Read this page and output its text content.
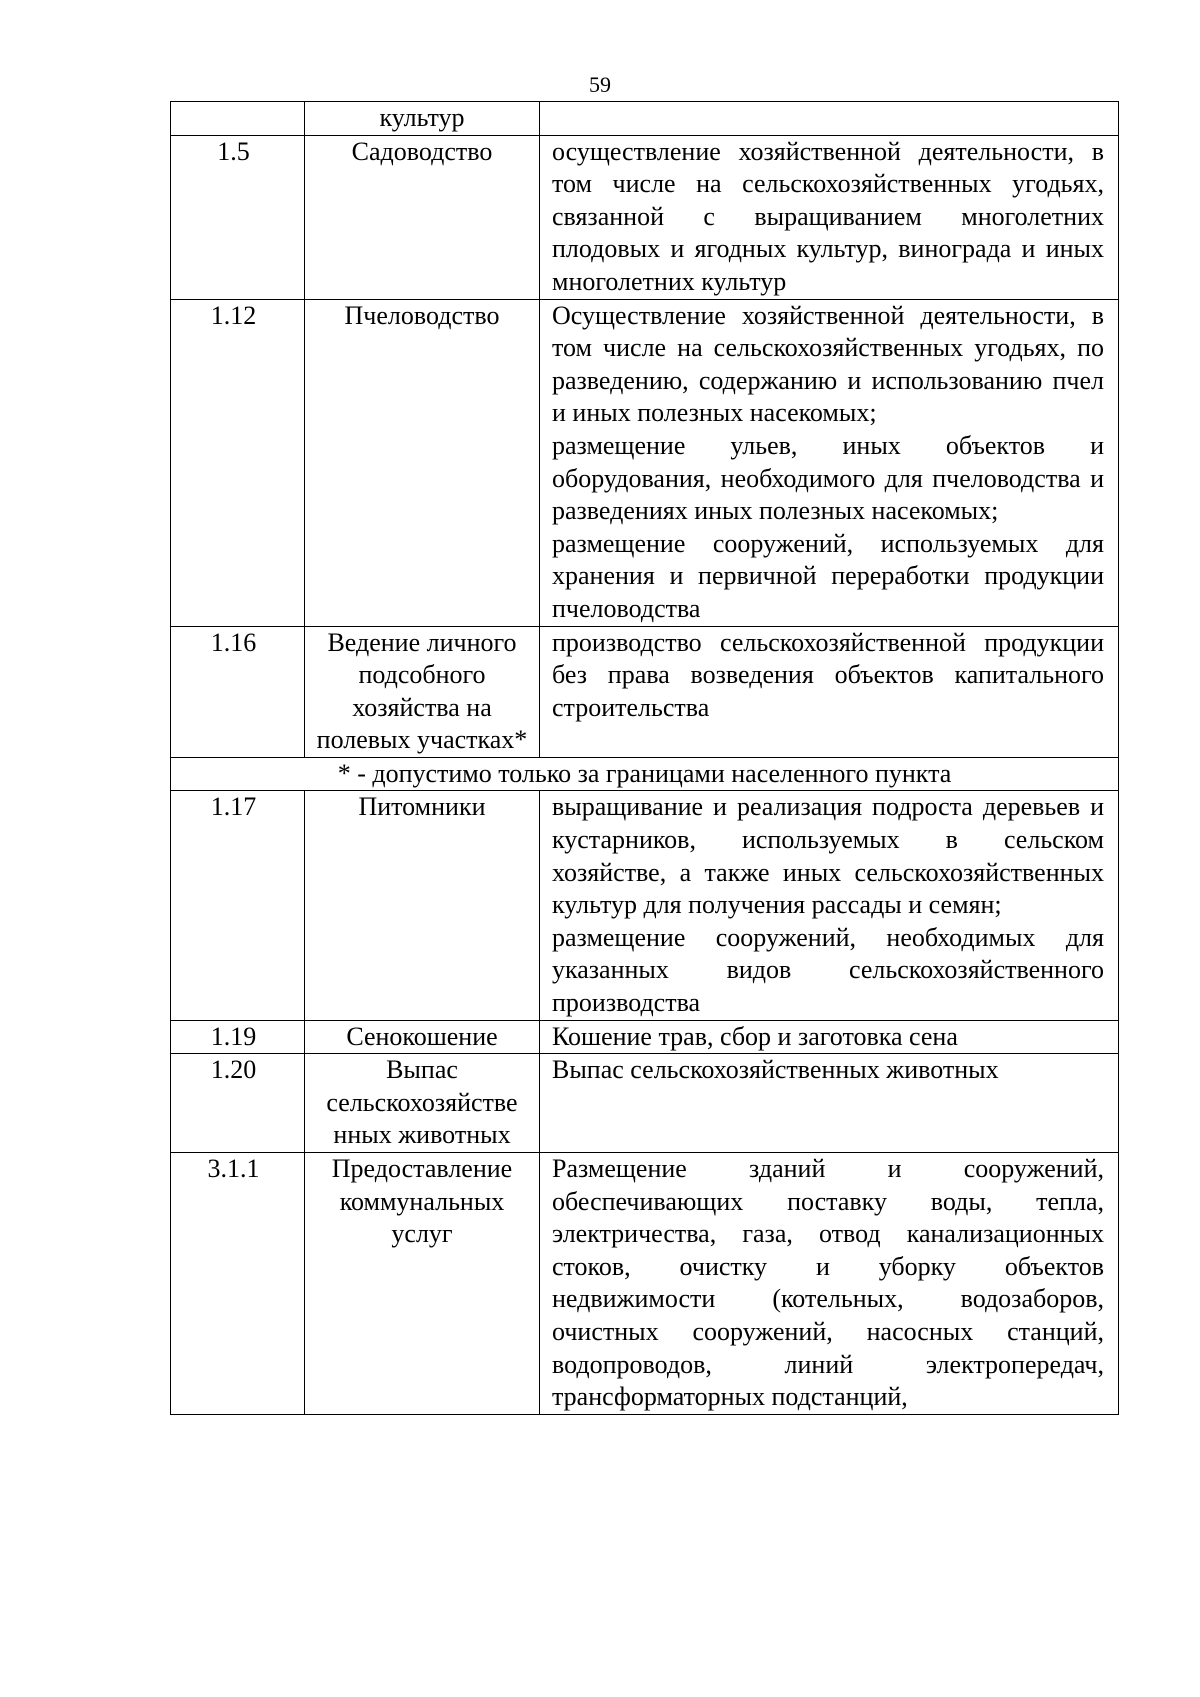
59
	культур	
1.5	Садоводство	осуществление хозяйственной деятельности, в том числе на сельскохозяйственных угодьях, связанной с выращиванием многолетних плодовых и ягодных культур, винограда и иных многолетних культур

1.12	Пчеловодство	Осуществление хозяйственной деятельности, в том числе на сельскохозяйственных угодьях, по разведению, содержанию и использованию пчел и иных полезных насекомых;
размещение ульев, иных объектов и оборудования, необходимого для пчеловодства и разведениях иных полезных насекомых;
размещение сооружений, используемых для хранения и первичной переработки продукции пчеловодства

1.16	Ведение личного подсобного хозяйства на полевых участках*	производство сельскохозяйственной продукции без права возведения объектов капитального строительства

* - допустимо только за границами населенного пункта		
1.17	Питомники	выращивание и реализация подроста деревьев и кустарников, используемых в сельском хозяйстве, а также иных сельскохозяйственных культур для получения рассады и семян;
размещение сооружений, необходимых для указанных видов сельскохозяйственного производства

1.19	Сенокошение	Кошение трав, сбор и заготовка сена

1.20	Выпас сельскохозяйстве нных животных	Выпас сельскохозяйственных животных

3.1.1	Предоставление коммунальных услуг	Размещение зданий и сооружений, обеспечивающих поставку воды, тепла, электричества, газа, отвод канализационных стоков, очистку и уборку объектов недвижимости (котельных, водозаборов, очистных сооружений, насосных станций, водопроводов, линий электропередач, трансформаторных подстанций,
